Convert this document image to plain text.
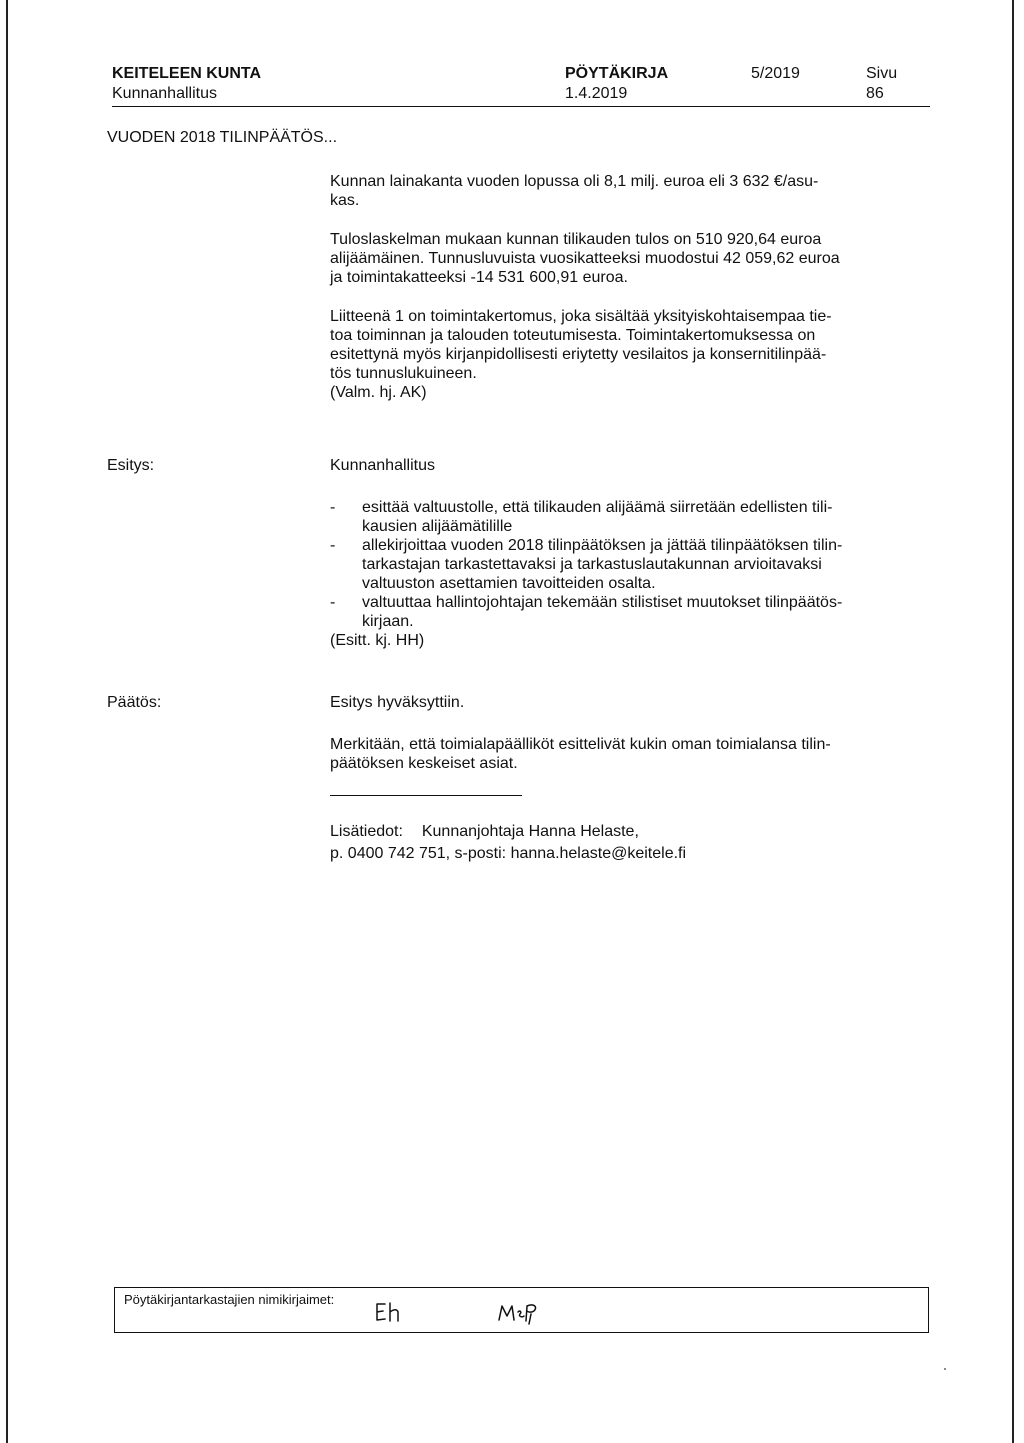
KEITELEEN KUNTA
Kunnanhallitus
PÖYTÄKIRJA
1.4.2019
5/2019	Sivu
86
VUODEN 2018 TILINPÄÄTÖS...

Kunnan lainakanta vuoden lopussa oli 8,1 milj. euroa eli 3 632 €/asu-
kas.

Tuloslaskelman mukaan kunnan tilikauden tulos on 510 920,64 euroa
alijäämäinen. Tunnusluvuista vuosikatteeksi muodostui 42 059,62 euroa
ja toimintakatteeksi -14 531 600,91 euroa.

Liitteenä 1 on toimintakertomus, joka sisältää yksityiskohtaisempaa tie-
toa toiminnan ja talouden toteutumisesta. Toimintakertomuksessa on
esitettynä myös kirjanpidollisesti eriytetty vesilaitos ja konsernitilinpää-
tös tunnuslukuineen.
(Valm. hj. AK)

Esitys:	Kunnanhallitus
- esittää valtuustolle, että tilikauden alijäämä siirretään edellisten tili-
kausien alijäämätilille
- allekirjoittaa vuoden 2018 tilinpäätöksen ja jättää tilinpäätöksen tilin-
tarkastajan tarkastettavaksi ja tarkastuslautakunnan arvioitavaksi
valtuuston asettamien tavoitteiden osalta.
- valtuuttaa hallintojohtajan tekemään stilistiset muutokset tilinpäätös-
kirjaan.
(Esitt. kj. HH)
Päätös:	Esitys hyväksyttiin.
Merkitään, että toimialapäälliköt esittelivät kukin oman toimialansa tilin-
päätöksen keskeiset asiat.
Lisätiedot: Kunnanjohtaja Hanna Helaste,
p. 0400 742 751, s-posti: hanna.helaste@keitele.fi
Pöytäkirjantarkastajien nimikirjaimet:
